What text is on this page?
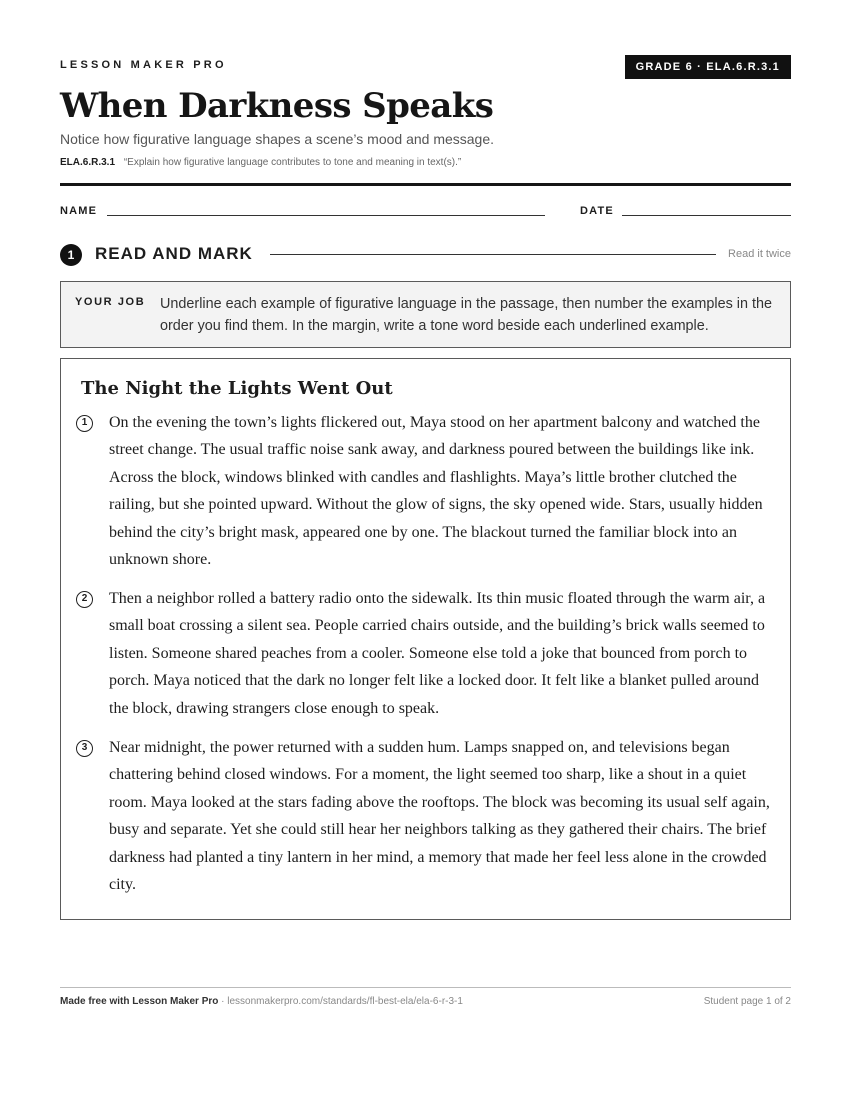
LESSON MAKER PRO	GRADE 6 · ELA.6.R.3.1
When Darkness Speaks
Notice how figurative language shapes a scene’s mood and message.
ELA.6.R.3.1 “Explain how figurative language contributes to tone and meaning in text(s).”
NAME	DATE
1	READ AND MARK	Read it twice
YOUR JOB Underline each example of figurative language in the passage, then number the examples in the order you find them. In the margin, write a tone word beside each underlined example.
The Night the Lights Went Out
1	On the evening the town’s lights flickered out, Maya stood on her apartment balcony and watched the street change. The usual traffic noise sank away, and darkness poured between the buildings like ink. Across the block, windows blinked with candles and flashlights. Maya’s little brother clutched the railing, but she pointed upward. Without the glow of signs, the sky opened wide. Stars, usually hidden behind the city’s bright mask, appeared one by one. The blackout turned the familiar block into an unknown shore.

2	Then a neighbor rolled a battery radio onto the sidewalk. Its thin music floated through the warm air, a small boat crossing a silent sea. People carried chairs outside, and the building’s brick walls seemed to listen. Someone shared peaches from a cooler. Someone else told a joke that bounced from porch to porch. Maya noticed that the dark no longer felt like a locked door. It felt like a blanket pulled around the block, drawing strangers close enough to speak.

3	Near midnight, the power returned with a sudden hum. Lamps snapped on, and televisions began chattering behind closed windows. For a moment, the light seemed too sharp, like a shout in a quiet room. Maya looked at the stars fading above the rooftops. The block was becoming its usual self again, busy and separate. Yet she could still hear her neighbors talking as they gathered their chairs. The brief darkness had planted a tiny lantern in her mind, a memory that made her feel less alone in the crowded city.

Made free with Lesson Maker Pro · lessonmakerpro.com/standards/fl-best-ela/ela-6-r-3-1	Student page 1 of 2
